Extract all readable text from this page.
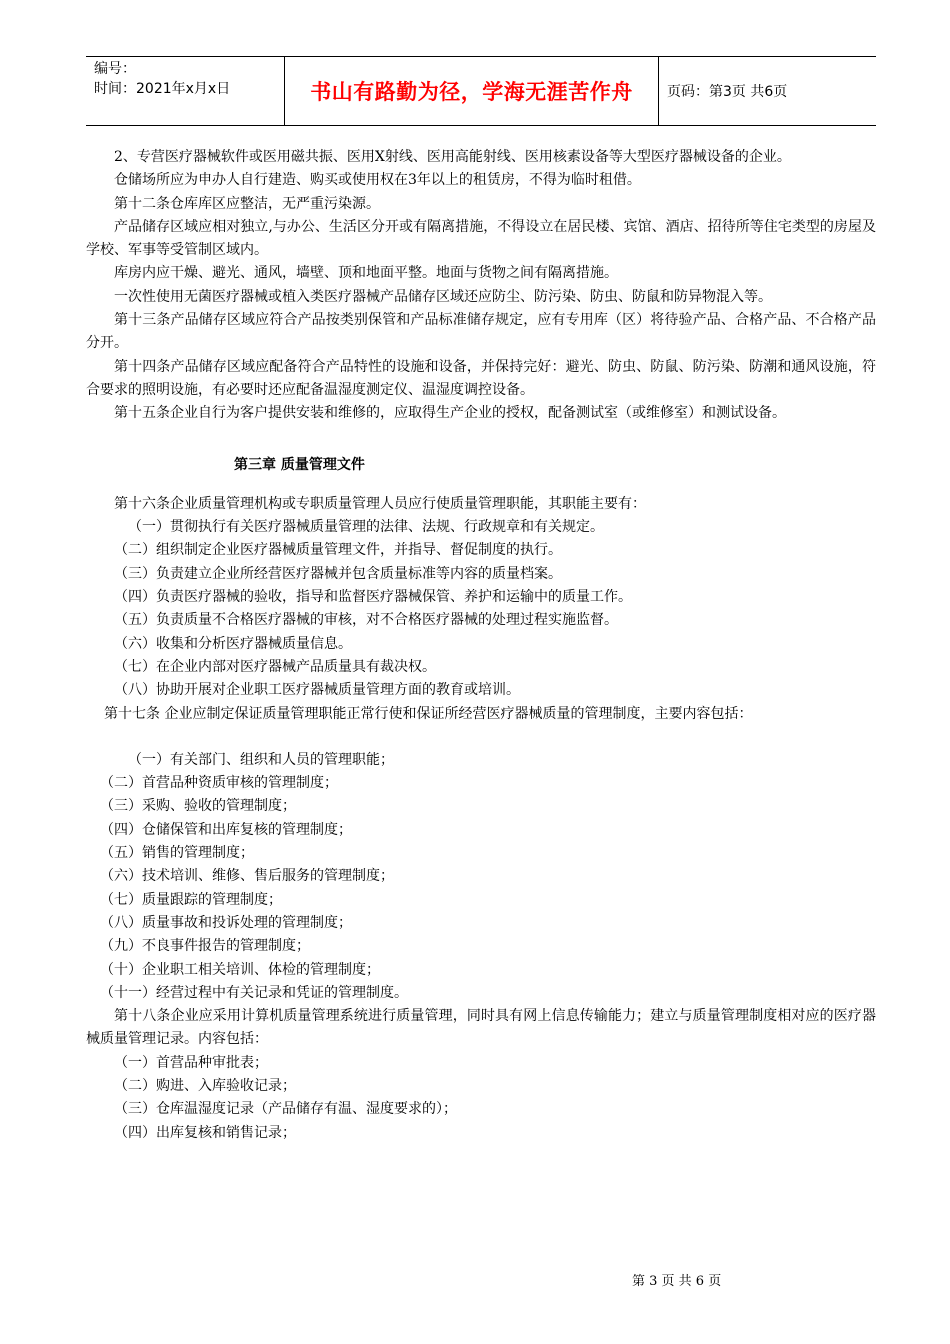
编号：
时间：2021年x月x日	书山有路勤为径，学海无涯苦作舟	页码：第3页 共6页

2、专营医疗器械软件或医用磁共振、医用X射线、医用高能射线、医用核素设备等大型医疗器械设备的企业。

仓储场所应为申办人自行建造、购买或使用权在3年以上的租赁房，不得为临时租借。

第十二条仓库库区应整洁，无严重污染源。

产品储存区域应相对独立,与办公、生活区分开或有隔离措施，不得设立在居民楼、宾馆、酒店、招待所等住宅类型的房屋及学校、军事等受管制区域内。

库房内应干燥、避光、通风，墙壁、顶和地面平整。地面与货物之间有隔离措施。

一次性使用无菌医疗器械或植入类医疗器械产品储存区域还应防尘、防污染、防虫、防鼠和防异物混入等。

第十三条产品储存区域应符合产品按类别保管和产品标准储存规定，应有专用库（区）将待验产品、合格产品、不合格产品分开。

第十四条产品储存区域应配备符合产品特性的设施和设备，并保持完好：避光、防虫、防鼠、防污染、防潮和通风设施，符合要求的照明设施，有必要时还应配备温湿度测定仪、温湿度调控设备。

第十五条企业自行为客户提供安装和维修的，应取得生产企业的授权，配备测试室（或维修室）和测试设备。

第三章 质量管理文件

第十六条企业质量管理机构或专职质量管理人员应行使质量管理职能，其职能主要有：

（一）贯彻执行有关医疗器械质量管理的法律、法规、行政规章和有关规定。

（二）组织制定企业医疗器械质量管理文件，并指导、督促制度的执行。

（三）负责建立企业所经营医疗器械并包含质量标准等内容的质量档案。

（四）负责医疗器械的验收，指导和监督医疗器械保管、养护和运输中的质量工作。

（五）负责质量不合格医疗器械的审核，对不合格医疗器械的处理过程实施监督。

（六）收集和分析医疗器械质量信息。

（七）在企业内部对医疗器械产品质量具有裁决权。

（八）协助开展对企业职工医疗器械质量管理方面的教育或培训。

第十七条 企业应制定保证质量管理职能正常行使和保证所经营医疗器械质量的管理制度，主要内容包括：

（一）有关部门、组织和人员的管理职能；

（二）首营品种资质审核的管理制度；

（三）采购、验收的管理制度；

（四）仓储保管和出库复核的管理制度；

（五）销售的管理制度；

（六）技术培训、维修、售后服务的管理制度；

（七）质量跟踪的管理制度；

（八）质量事故和投诉处理的管理制度；

（九）不良事件报告的管理制度；

（十）企业职工相关培训、体检的管理制度；

（十一）经营过程中有关记录和凭证的管理制度。

第十八条企业应采用计算机质量管理系统进行质量管理，同时具有网上信息传输能力；建立与质量管理制度相对应的医疗器械质量管理记录。内容包括：

（一）首营品种审批表；

（二）购进、入库验收记录；

（三）仓库温湿度记录（产品储存有温、湿度要求的）；

（四）出库复核和销售记录；

第 3 页 共 6 页
